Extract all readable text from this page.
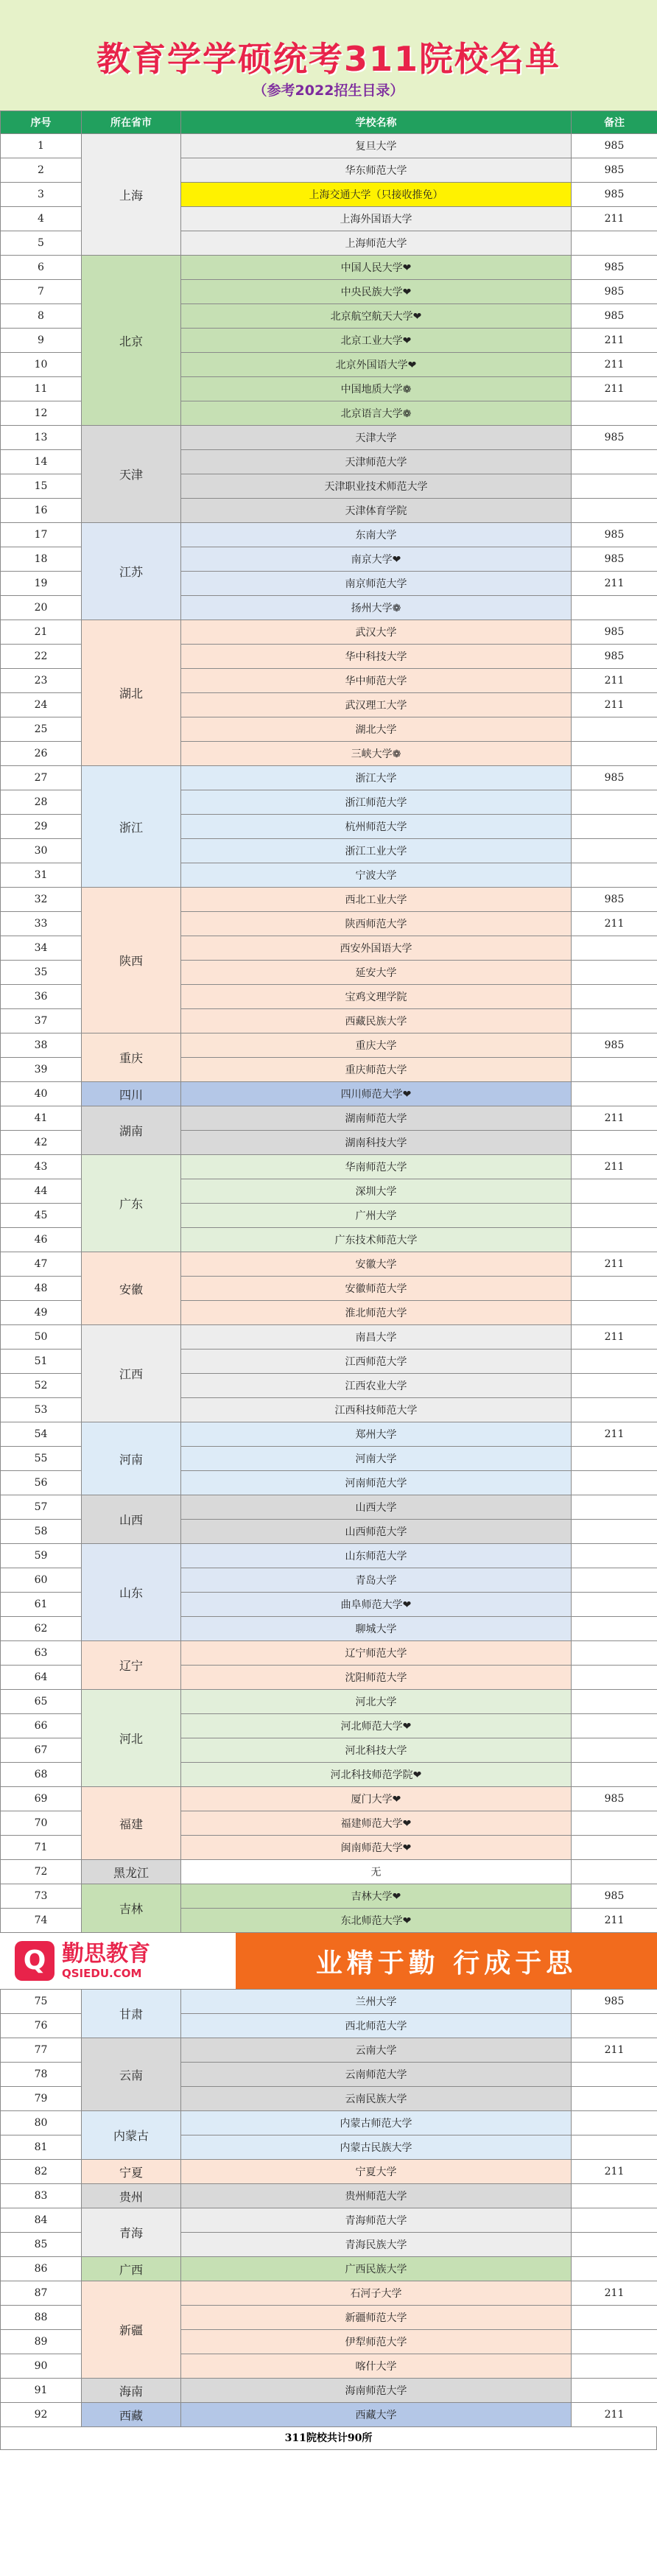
教育学学硕统考311院校名单
（参考2022招生目录）
序号	所在省市	学校名称	备注
1	上海	复旦大学	985
2		华东师范大学	985
3		上海交通大学（只接收推免）	985
4		上海外国语大学	211
5		上海师范大学	
6	北京	中国人民大学❤	985
7		中央民族大学❤	985
8		北京航空航天大学❤	985
9		北京工业大学❤	211
10		北京外国语大学❤	211
11		中国地质大学❁	211
12		北京语言大学❁	
13	天津	天津大学	985
14		天津师范大学	
15		天津职业技术师范大学	
16		天津体育学院	
17	江苏	东南大学	985
18		南京大学❤	985
19		南京师范大学	211
20		扬州大学❁	
21	湖北	武汉大学	985
22		华中科技大学	985
23		华中师范大学	211
24		武汉理工大学	211
25		湖北大学	
26		三峡大学❁	
27	浙江	浙江大学	985
28		浙江师范大学	
29		杭州师范大学	
30		浙江工业大学	
31		宁波大学	
32	陕西	西北工业大学	985
33		陕西师范大学	211
34		西安外国语大学	
35		延安大学	
36		宝鸡文理学院	
37		西藏民族大学	
38	重庆	重庆大学	985
39		重庆师范大学	
40	四川	四川师范大学❤	
41	湖南	湖南师范大学	211
42		湖南科技大学	
43	广东	华南师范大学	211
44		深圳大学	
45		广州大学	
46		广东技术师范大学	
47	安徽	安徽大学	211
48		安徽师范大学	
49		淮北师范大学	
50	江西	南昌大学	211
51		江西师范大学	
52		江西农业大学	
53		江西科技师范大学	
54	河南	郑州大学	211
55		河南大学	
56		河南师范大学	
57	山西	山西大学	
58		山西师范大学	
59	山东	山东师范大学	
60		青岛大学	
61		曲阜师范大学❤	
62		聊城大学	
63	辽宁	辽宁师范大学	
64		沈阳师范大学	
65	河北	河北大学	
66		河北师范大学❤	
67		河北科技大学	
68		河北科技师范学院❤	
69	福建	厦门大学❤	985
70		福建师范大学❤	
71		闽南师范大学❤	
72	黑龙江	无	
73	吉林	吉林大学❤	985
74		东北师范大学❤	211
Q 勤思教育
QSIEDU.COM	业精于勤 行成于思
75	甘肃	兰州大学	985
76		西北师范大学	
77	云南	云南大学	211
78		云南师范大学	
79		云南民族大学	
80	内蒙古	内蒙古师范大学	
81		内蒙古民族大学	
82	宁夏	宁夏大学	211
83	贵州	贵州师范大学	
84	青海	青海师范大学	
85		青海民族大学	
86	广西	广西民族大学	
87	新疆	石河子大学	211
88		新疆师范大学	
89		伊犁师范大学	
90		喀什大学	
91	海南	海南师范大学	
92	西藏	西藏大学	211
311院校共计90所
